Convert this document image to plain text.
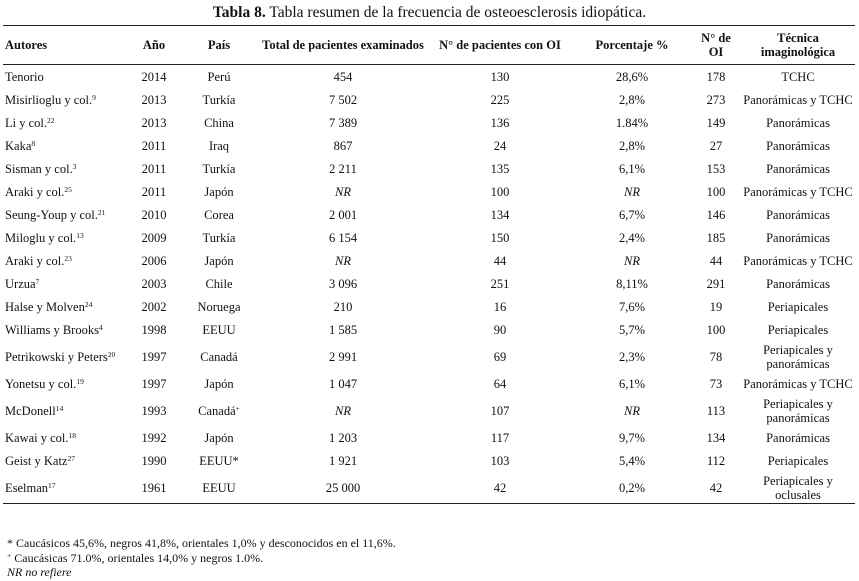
Tabla 8. Tabla resumen de la frecuencia de osteoesclerosis idiopática.
Autores	Año	País	Total de pacientes examinados	N° de pacientes con OI	Porcentaje %	N° de OI	Técnica imaginológica
Tenorio	2014	Perú	454	130	28,6%	178	TCHC
Misirlioglu y col.$^9$	2013	Turkía	7 502	225	2,8%	273	Panorámicas y TCHC
Li y col.$^{22}$	2013	China	7 389	136	1.84%	149	Panorámicas
Kaka$^8$	2011	Iraq	867	24	2,8%	27	Panorámicas
Sisman y col.$^3$	2011	Turkía	2 211	135	6,1%	153	Panorámicas
Araki y col.$^{25}$	2011	Japón	NR	100	NR	100	Panorámicas y TCHC
Seung-Youp y col.$^{21}$	2010	Corea	2 001	134	6,7%	146	Panorámicas
Miloglu y col.$^{13}$	2009	Turkía	6 154	150	2,4%	185	Panorámicas
Araki y col.$^{23}$	2006	Japón	NR	44	NR	44	Panorámicas y TCHC
Urzua$^7$	2003	Chile	3 096	251	8,11%	291	Panorámicas
Halse y Molven$^{24}$	2002	Noruega	210	16	7,6%	19	Periapicales
Williams y Brooks$^4$	1998	EEUU	1 585	90	5,7%	100	Periapicales
Petrikowski y Peters$^{20}$	1997	Canadá	2 991	69	2,3%	78	Periapicales y panorámicas
Yonetsu y col.$^{19}$	1997	Japón	1 047	64	6,1%	73	Panorámicas y TCHC
McDonell$^{14}$	1993	Canadá+	NR	107	NR	113	Periapicales y panorámicas
Kawai y col.$^{18}$	1992	Japón	1 203	117	9,7%	134	Panorámicas
Geist y Katz$^{27}$	1990	EEUU*	1 921	103	5,4%	112	Periapicales
Eselman$^{17}$	1961	EEUU	25 000	42	0,2%	42	Periapicales y oclusales
* Caucásicos 45,6%, negros 41,8%, orientales 1,0% y desconocidos en el 11,6%.
+ Caucásicas 71.0%, orientales 14,0% y negros 1.0%.
NR no refiere
